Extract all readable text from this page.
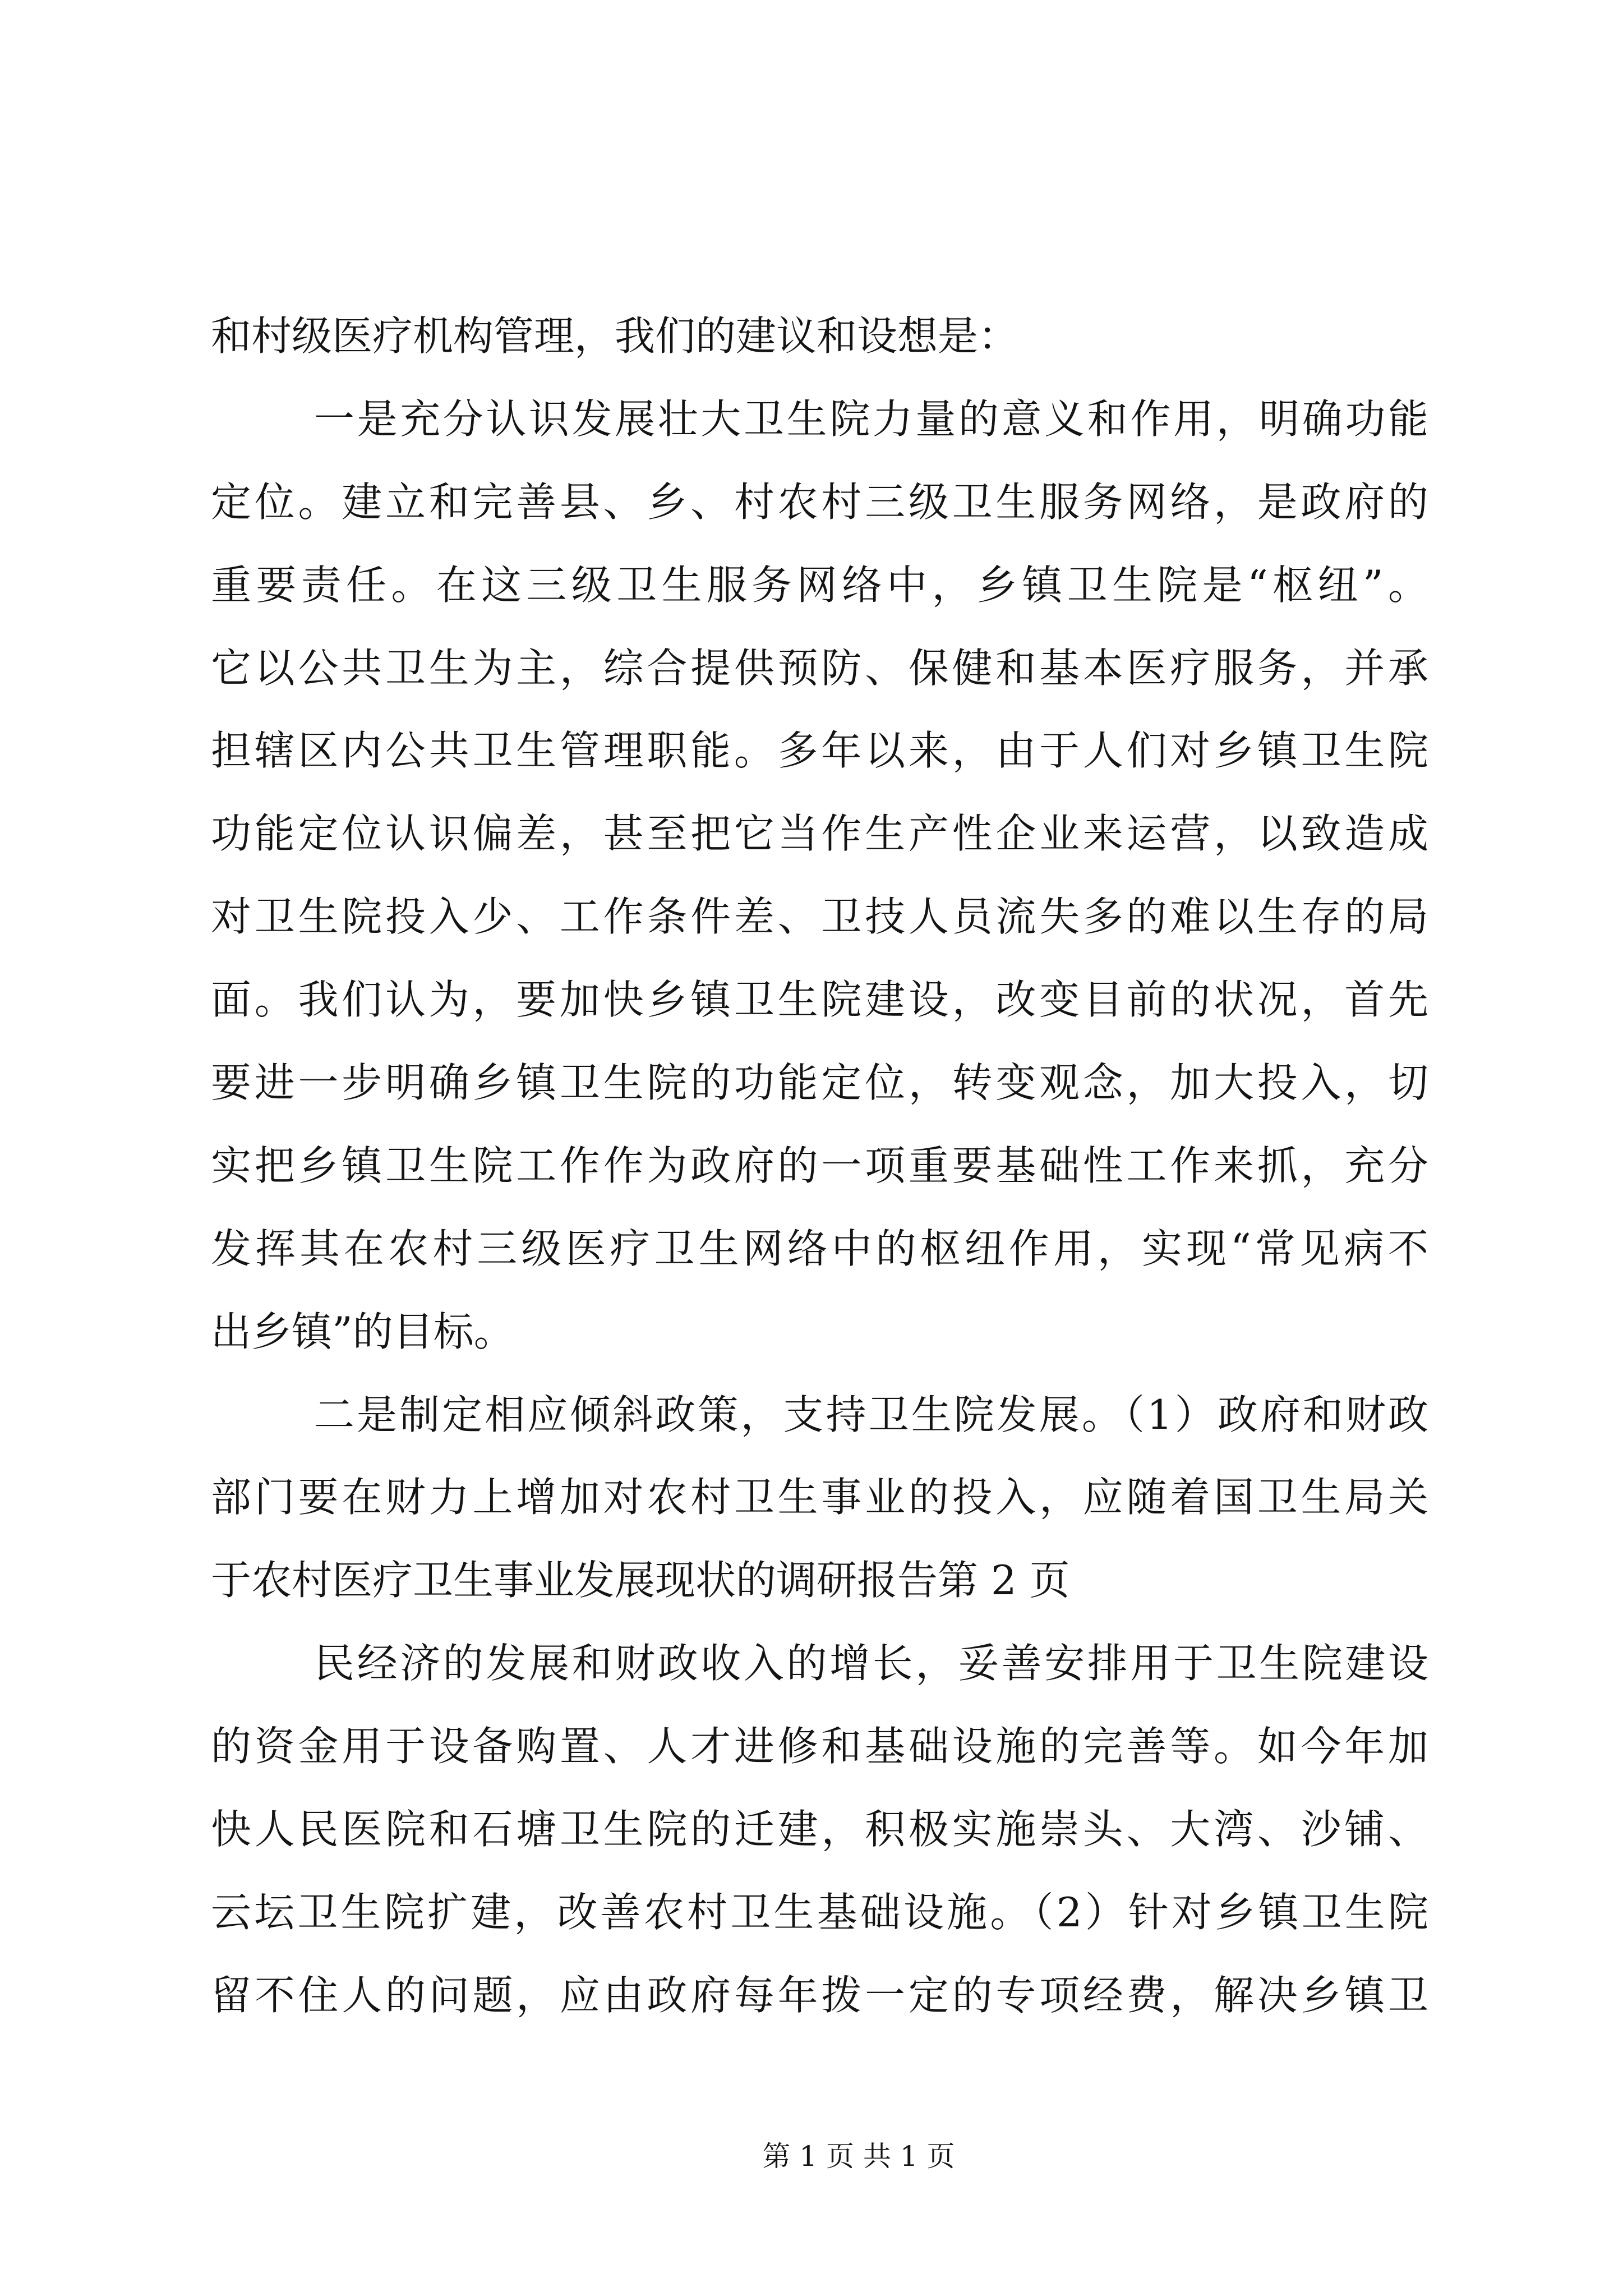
和村级医疗机构管理，我们的建议和设想是：
一是充分认识发展壮大卫生院力量的意义和作用，明确功能
定位。建立和完善县、乡、村农村三级卫生服务网络，是政府的
重要责任。在这三级卫生服务网络中，乡镇卫生院是“枢纽”。
它以公共卫生为主，综合提供预防、保健和基本医疗服务，并承
担辖区内公共卫生管理职能。多年以来，由于人们对乡镇卫生院
功能定位认识偏差，甚至把它当作生产性企业来运营，以致造成
对卫生院投入少、工作条件差、卫技人员流失多的难以生存的局
面。我们认为，要加快乡镇卫生院建设，改变目前的状况，首先
要进一步明确乡镇卫生院的功能定位，转变观念，加大投入，切
实把乡镇卫生院工作作为政府的一项重要基础性工作来抓，充分
发挥其在农村三级医疗卫生网络中的枢纽作用，实现“常见病不
出乡镇”的目标。
二是制定相应倾斜政策，支持卫生院发展。（1）政府和财政
部门要在财力上增加对农村卫生事业的投入，应随着国卫生局关
于农村医疗卫生事业发展现状的调研报告第 2 页
民经济的发展和财政收入的增长，妥善安排用于卫生院建设
的资金用于设备购置、人才进修和基础设施的完善等。如今年加
快人民医院和石塘卫生院的迁建，积极实施崇头、大湾、沙铺、
云坛卫生院扩建，改善农村卫生基础设施。（2）针对乡镇卫生院
留不住人的问题，应由政府每年拨一定的专项经费，解决乡镇卫
第 1 页 共 1 页
